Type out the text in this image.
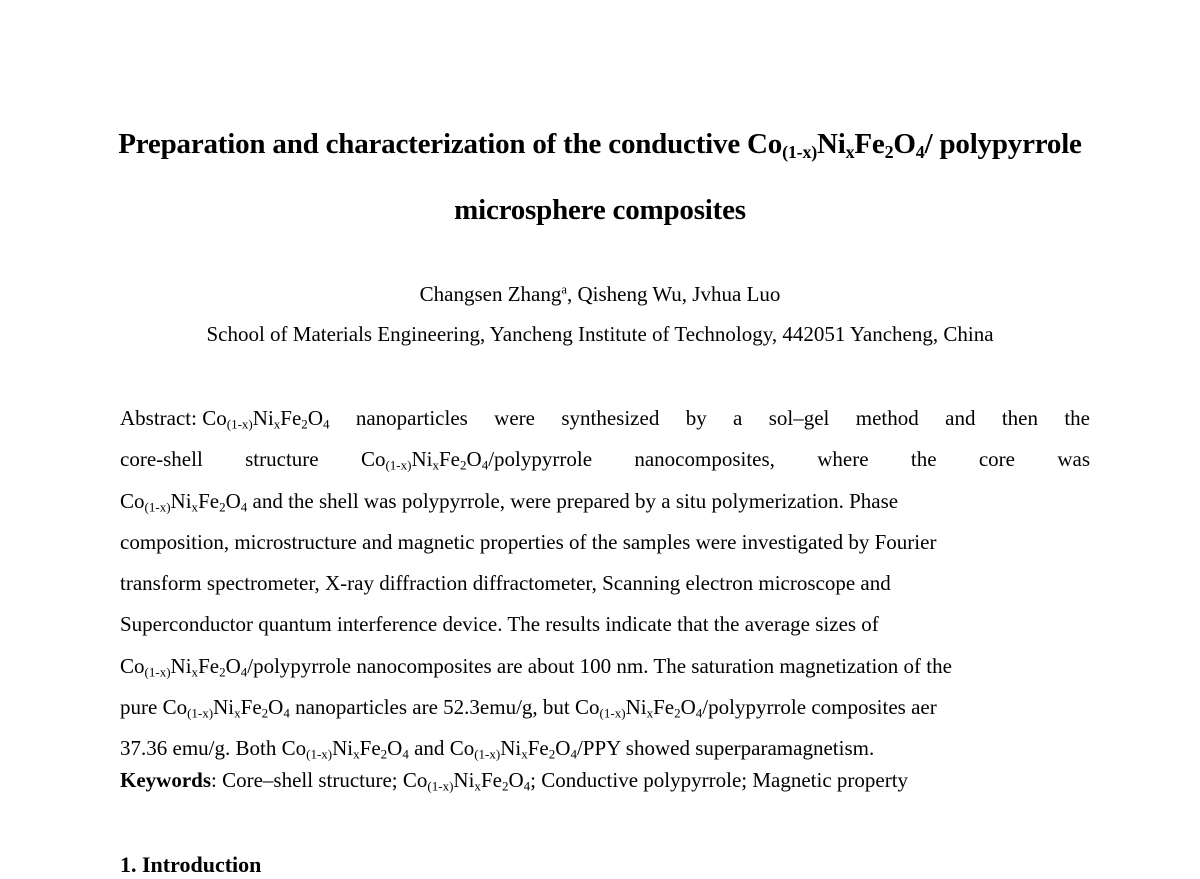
Preparation and characterization of the conductive $Co_{(1-x)}Ni_xFe_2O_4/$ polypyrrole
microsphere composites
Changsen Zhang$^a$, Qisheng Wu, Jvhua Luo
School of Materials Engineering, Yancheng Institute of Technology, 442051 Yancheng, China
Abstract: $Co_{(1-x)}Ni_xFe_2O_4$ nanoparticles were synthesized by a sol–gel method and then the
core-shell structure $Co_{(1-x)}Ni_xFe_2O_4$/polypyrrole nanocomposites, where the core was
$Co_{(1-x)}Ni_xFe_2O_4$ and the shell was polypyrrole, were prepared by a situ polymerization. Phase
composition, microstructure and magnetic properties of the samples were investigated by Fourier
transform spectrometer, X-ray diffraction diffractometer, Scanning electron microscope and
Superconductor quantum interference device. The results indicate that the average sizes of
$Co_{(1-x)}Ni_xFe_2O_4$/polypyrrole nanocomposites are about 100 nm. The saturation magnetization of the
pure $Co_{(1-x)}Ni_xFe_2O_4$ nanoparticles are 52.3emu/g, but $Co_{(1-x)}Ni_xFe_2O_4$/polypyrrole composites aer
37.36 emu/g. Both $Co_{(1-x)}Ni_xFe_2O_4$ and $Co_{(1-x)}Ni_xFe_2O_4$/PPY showed superparamagnetism.
Keywords: Core–shell structure; $Co_{(1-x)}Ni_xFe_2O_4$; Conductive polypyrrole; Magnetic property
1. Introduction
